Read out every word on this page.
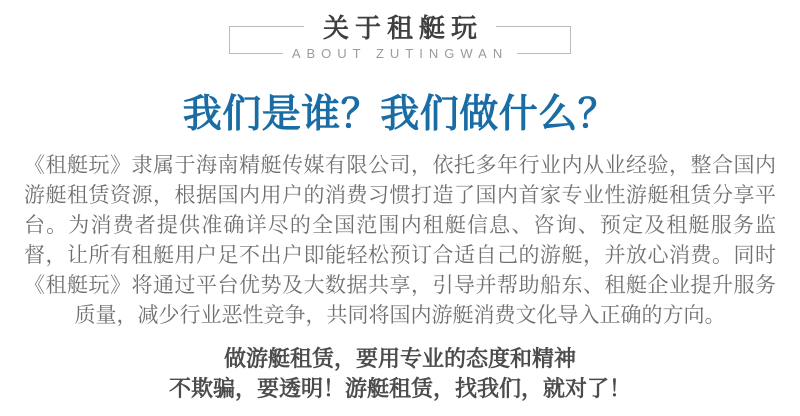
关于租艇玩
ABOUT ZUTINGWAN
我们是谁？我们做什么？

《租艇玩》隶属于海南精艇传媒有限公司，依托多年行业内从业经验，整合国内游艇租赁资源，根据国内用户的消费习惯打造了国内首家专业性游艇租赁分享平台。为消费者提供准确详尽的全国范围内租艇信息、咨询、预定及租艇服务监督，让所有租艇用户足不出户即能轻松预订合适自己的游艇，并放心消费。同时《租艇玩》将通过平台优势及大数据共享，引导并帮助船东、租艇企业提升服务质量，减少行业恶性竞争，共同将国内游艇消费文化导入正确的方向。

做游艇租赁，要用专业的态度和精神
不欺骗，要透明！游艇租赁，找我们，就对了！
